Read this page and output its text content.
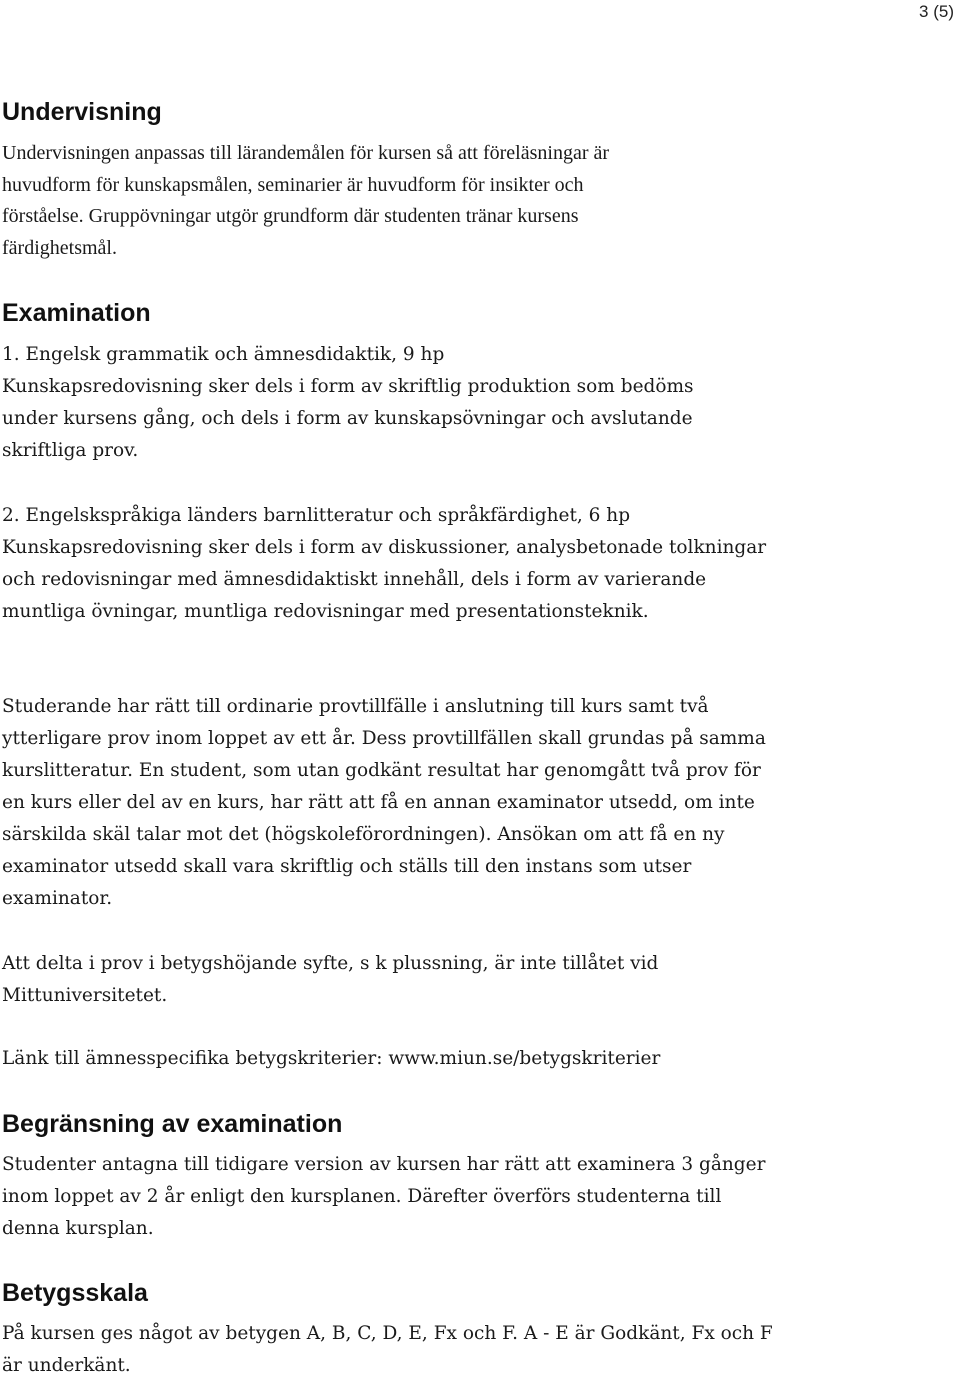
3 (5)
Undervisning
Undervisningen anpassas till lärandemålen för kursen så att föreläsningar är
huvudform för kunskapsmålen, seminarier är huvudform för insikter och
förståelse. Gruppövningar utgör grundform där studenten tränar kursens
färdighetsmål.
Examination
1. Engelsk grammatik och ämnesdidaktik, 9 hp
Kunskapsredovisning sker dels i form av skriftlig produktion som bedöms
under kursens gång, och dels i form av kunskapsövningar och avslutande
skriftliga prov.
2. Engelskspråkiga länders barnlitteratur och språkfärdighet, 6 hp
Kunskapsredovisning sker dels i form av diskussioner, analysbetonade tolkningar
och redovisningar med ämnesdidaktiskt innehåll, dels i form av varierande
muntliga övningar, muntliga redovisningar med presentationsteknik.
Studerande har rätt till ordinarie provtillfälle i anslutning till kurs samt två
ytterligare prov inom loppet av ett år. Dess provtillfällen skall grundas på samma
kurslitteratur. En student, som utan godkänt resultat har genomgått två prov för
en kurs eller del av en kurs, har rätt att få en annan examinator utsedd, om inte
särskilda skäl talar mot det (högskoleförordningen). Ansökan om att få en ny
examinator utsedd skall vara skriftlig och ställs till den instans som utser
examinator.
Att delta i prov i betygshöjande syfte, s k plussning, är inte tillåtet vid
Mittuniversitetet.
Länk till ämnesspecifika betygskriterier: www.miun.se/betygskriterier
Begränsning av examination
Studenter antagna till tidigare version av kursen har rätt att examinera 3 gånger
inom loppet av 2 år enligt den kursplanen. Därefter överförs studenterna till
denna kursplan.
Betygsskala
På kursen ges något av betygen A, B, C, D, E, Fx och F. A - E är Godkänt, Fx och F
är underkänt.
